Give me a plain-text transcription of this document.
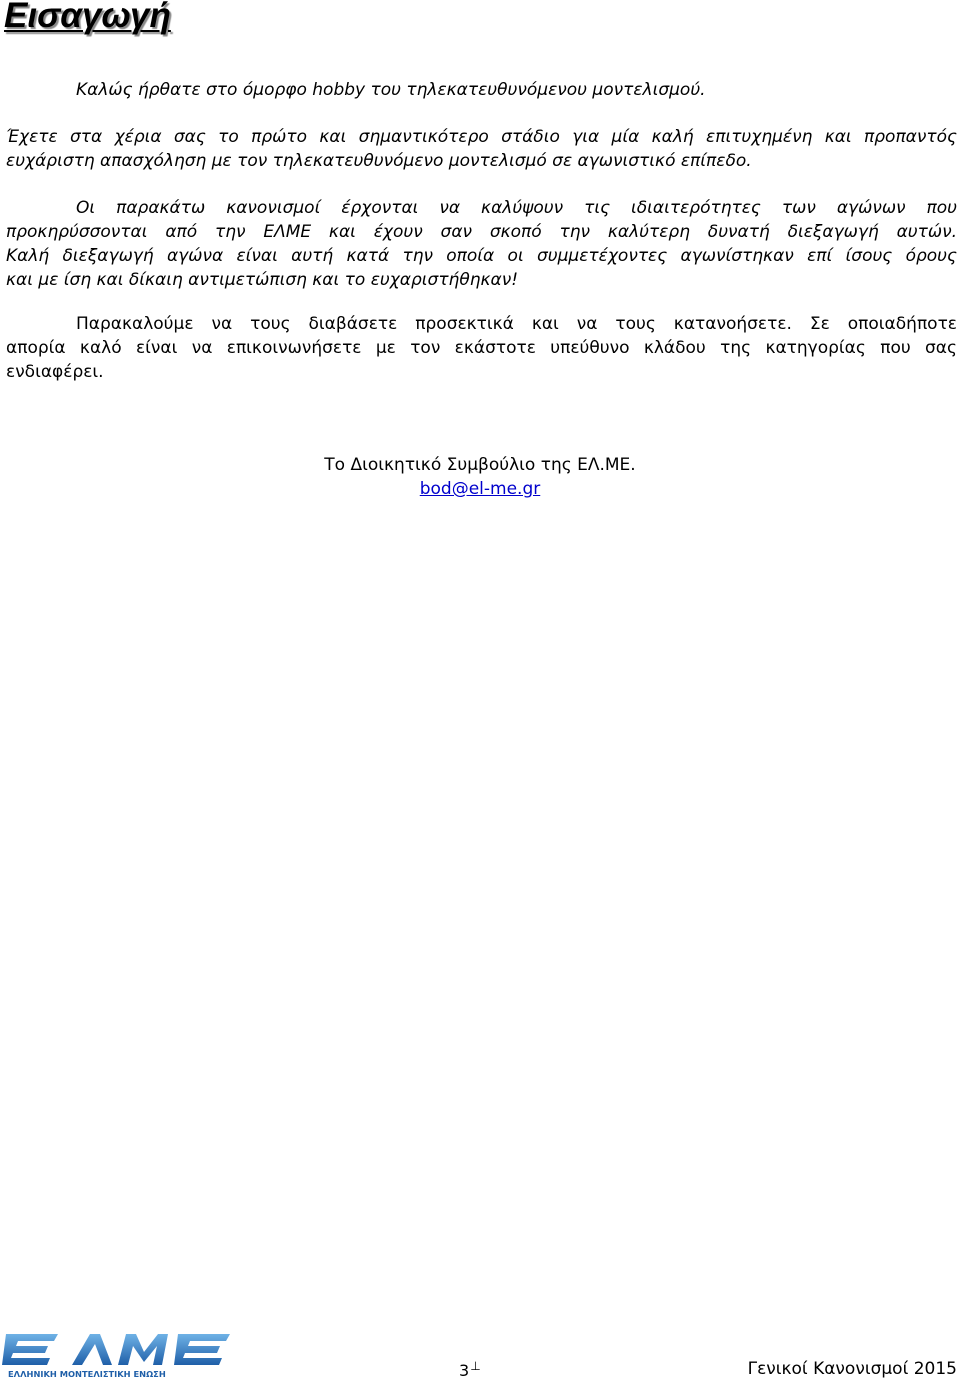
Εισαγωγή

Καλώς ήρθατε στο όμορφο hobby του τηλεκατευθυνόμενου μοντελισμού.

Έχετε στα χέρια σας το πρώτο και σημαντικότερο στάδιο για μία καλή επιτυχημένη και προπαντός
ευχάριστη απασχόληση με τον τηλεκατευθυνόμενο μοντελισμό σε αγωνιστικό επίπεδο.

Οι παρακάτω κανονισμοί έρχονται να καλύψουν τις ιδιαιτερότητες των αγώνων που
προκηρύσσονται από την ΕΛΜΕ και έχουν σαν σκοπό την καλύτερη δυνατή διεξαγωγή αυτών.
Καλή διεξαγωγή αγώνα είναι αυτή κατά την οποία οι συμμετέχοντες αγωνίστηκαν επί ίσους όρους
και με ίση και δίκαιη αντιμετώπιση και το ευχαριστήθηκαν!

Παρακαλούμε να τους διαβάσετε προσεκτικά και να τους κατανοήσετε. Σε οποιαδήποτε
απορία καλό είναι να επικοινωνήσετε με τον εκάστοτε υπεύθυνο κλάδου της κατηγορίας που σας
ενδιαφέρει.

Το Διοικητικό Συμβούλιο της ΕΛ.ΜΕ.
bod@el-me.gr
ΕΛΛΗΝΙΚΗ ΜΟΝΤΕΛΙΣΤΙΚΗ ΕΝΩΣΗ	3⊥	Γενικοί Κανονισμοί 2015
